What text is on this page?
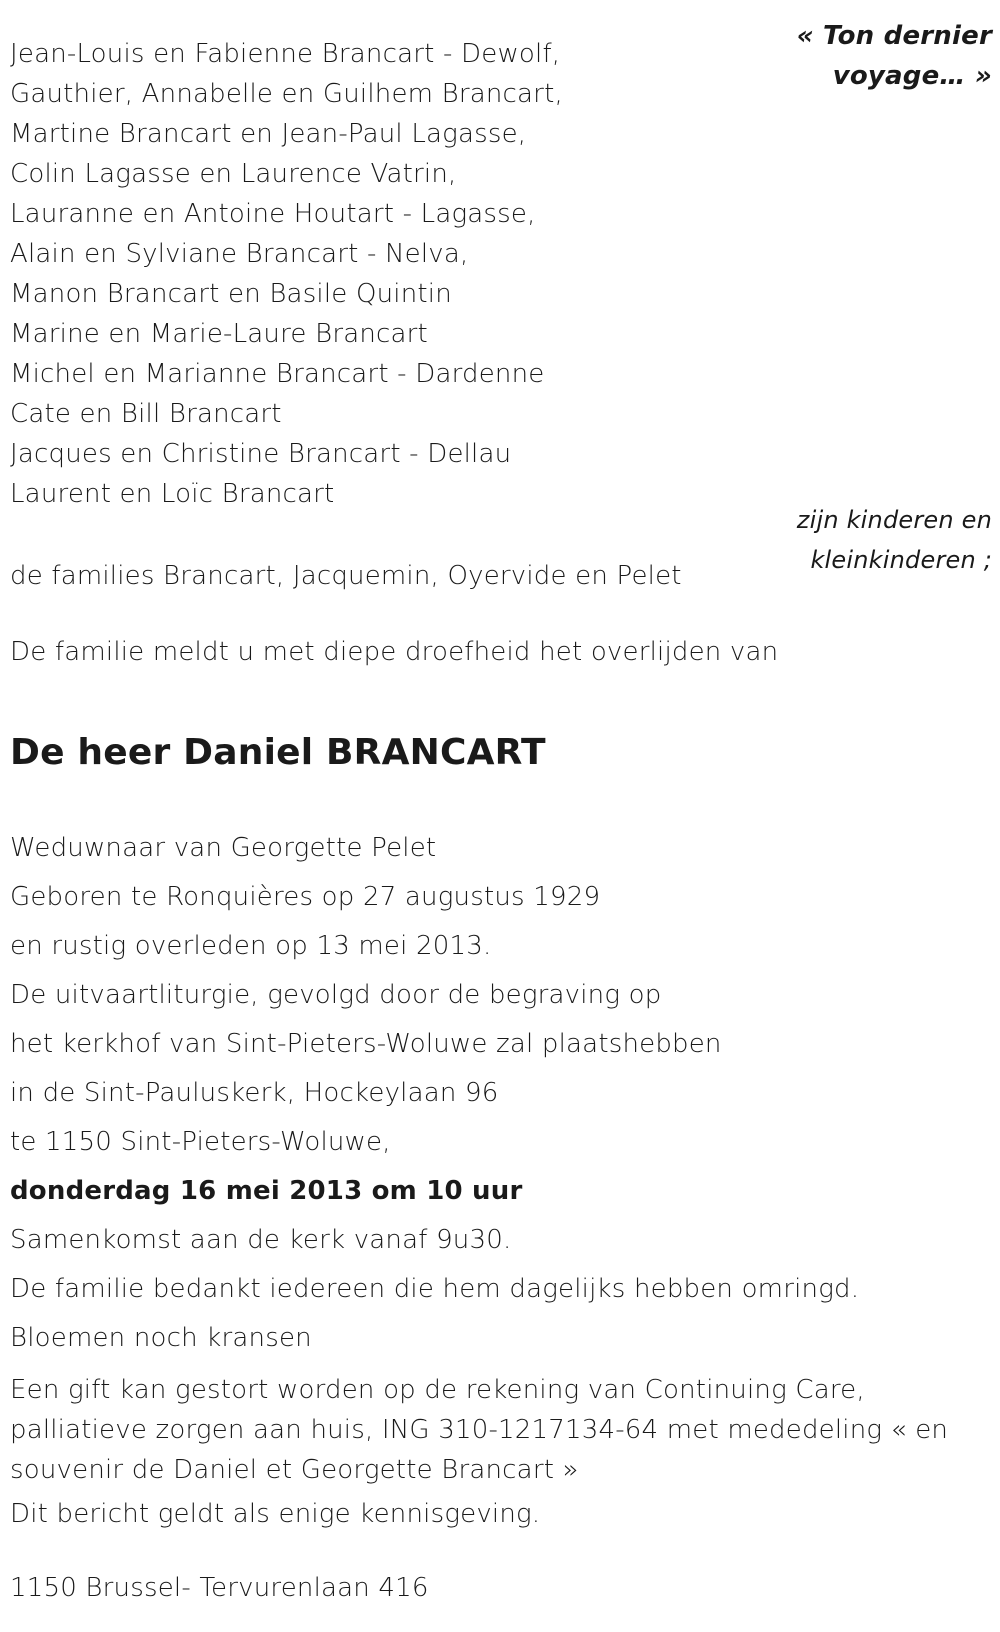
Jean-Louis en Fabienne Brancart - Dewolf,
Gauthier, Annabelle en Guilhem Brancart,
Martine Brancart en Jean-Paul Lagasse,
Colin Lagasse en Laurence Vatrin,
Lauranne en Antoine Houtart - Lagasse,
Alain en Sylviane Brancart - Nelva,
Manon Brancart en Basile Quintin
Marine en Marie-Laure Brancart
Michel en Marianne Brancart - Dardenne
Cate en Bill Brancart
Jacques en Christine Brancart - Dellau
Laurent en Loïc Brancart
« Ton dernier
voyage… »
zijn kinderen en
kleinkinderen ;
de families Brancart, Jacquemin, Oyervide en Pelet
De familie meldt u met diepe droefheid het overlijden van
De heer Daniel BRANCART
Weduwnaar van Georgette Pelet
Geboren te Ronquières op 27 augustus 1929
en rustig overleden op 13 mei 2013.
De uitvaartliturgie, gevolgd door de begraving op
het kerkhof van Sint-Pieters-Woluwe zal plaatshebben
in de Sint-Pauluskerk, Hockeylaan 96
te 1150 Sint-Pieters-Woluwe,
donderdag 16 mei 2013 om 10 uur
Samenkomst aan de kerk vanaf 9u30.
De familie bedankt iedereen die hem dagelijks hebben omringd.
Bloemen noch kransen
Een gift kan gestort worden op de rekening van Continuing Care,
palliatieve zorgen aan huis, ING 310-1217134-64 met mededeling « en
souvenir de Daniel et Georgette Brancart »
Dit bericht geldt als enige kennisgeving.
1150 Brussel- Tervurenlaan 416
